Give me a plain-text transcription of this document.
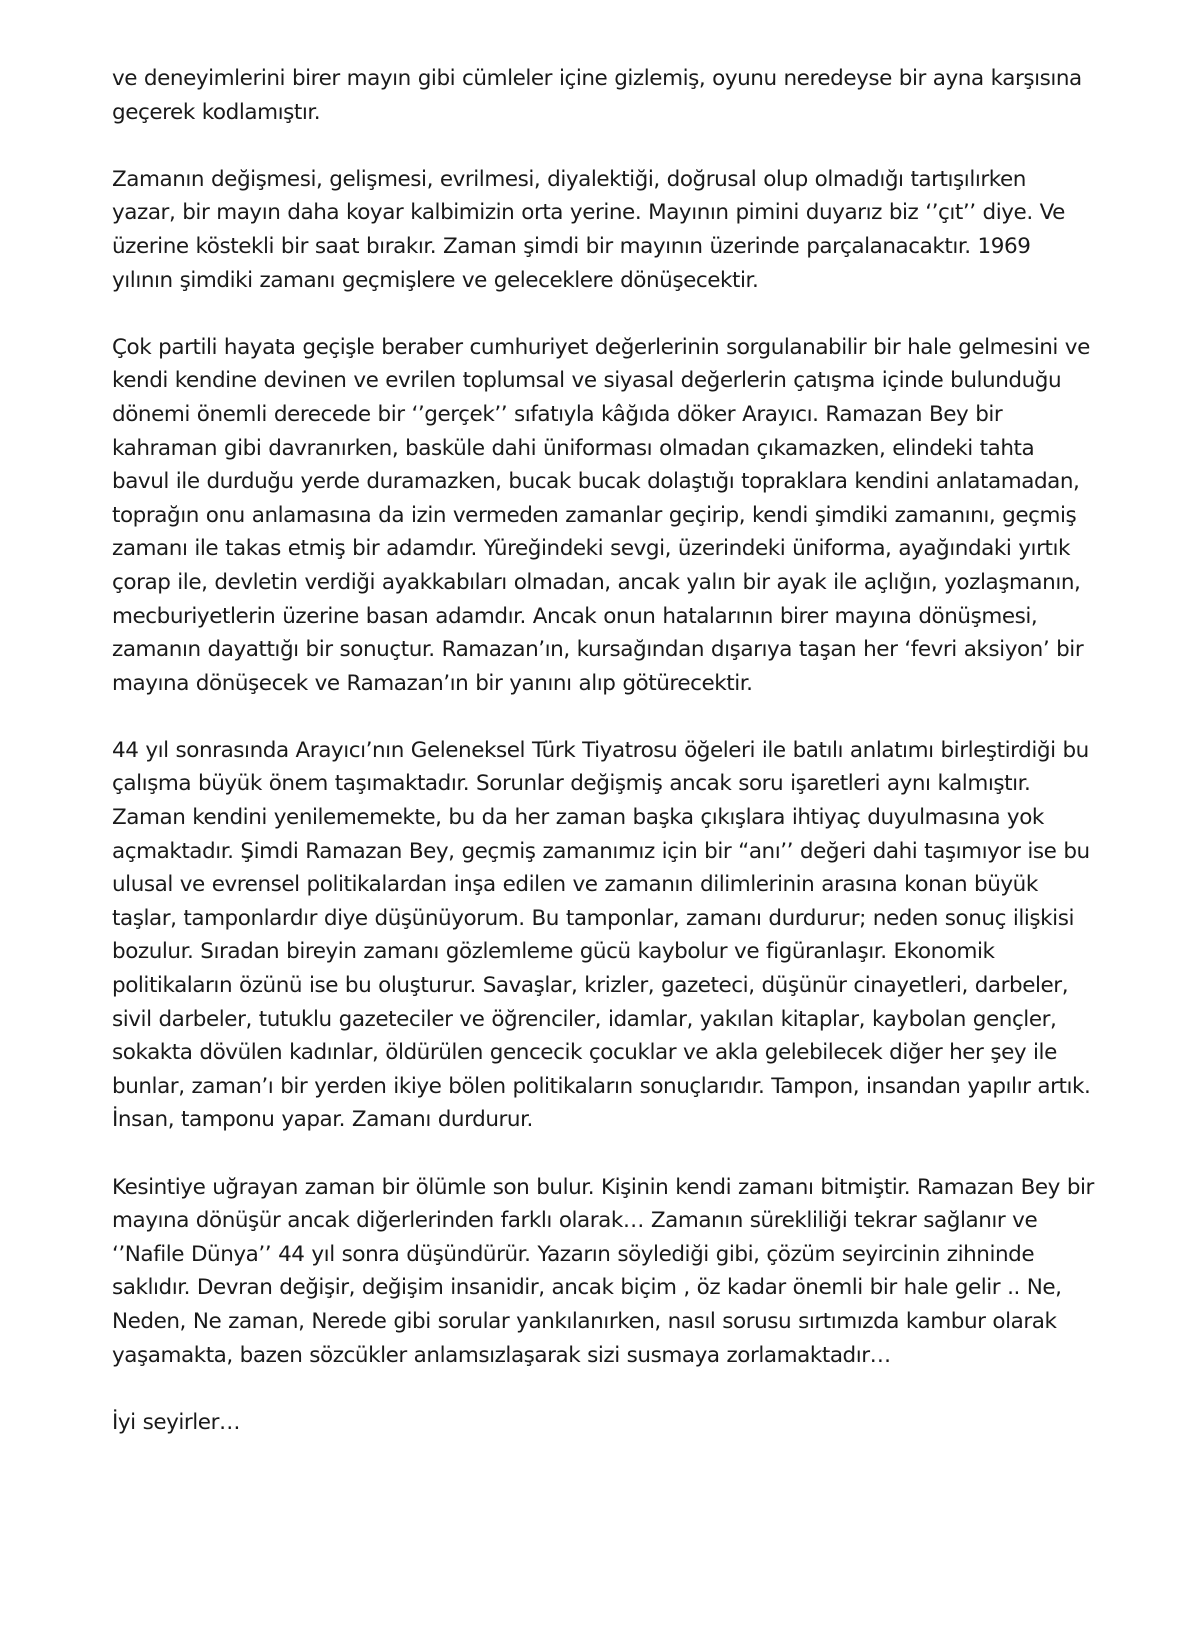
ve deneyimlerini birer mayın gibi cümleler içine gizlemiş, oyunu neredeyse bir ayna karşısına geçerek kodlamıştır.

Zamanın değişmesi, gelişmesi, evrilmesi, diyalektiği, doğrusal olup olmadığı tartışılırken yazar, bir mayın daha koyar kalbimizin orta yerine. Mayının pimini duyarız biz ‘’çıt’’ diye. Ve üzerine köstekli bir saat bırakır. Zaman şimdi bir mayının üzerinde parçalanacaktır. 1969 yılının şimdiki zamanı geçmişlere ve geleceklere dönüşecektir.

Çok partili hayata geçişle beraber cumhuriyet değerlerinin sorgulanabilir bir hale gelmesini ve kendi kendine devinen ve evrilen toplumsal ve siyasal değerlerin çatışma içinde bulunduğu dönemi önemli derecede bir ‘’gerçek’’ sıfatıyla kâğıda döker Arayıcı. Ramazan Bey bir kahraman gibi davranırken, basküle dahi üniforması olmadan çıkamazken, elindeki tahta bavul ile durduğu yerde duramazken, bucak bucak dolaştığı topraklara kendini anlatamadan, toprağın onu anlamasına da izin vermeden zamanlar geçirip, kendi şimdiki zamanını, geçmiş zamanı ile takas etmiş bir adamdır. Yüreğindeki sevgi, üzerindeki üniforma, ayağındaki yırtık çorap ile, devletin verdiği ayakkabıları olmadan, ancak yalın bir ayak ile açlığın, yozlaşmanın, mecburiyetlerin üzerine basan adamdır. Ancak onun hatalarının birer mayına dönüşmesi, zamanın dayattığı bir sonuçtur. Ramazan’ın, kursağından dışarıya taşan her ‘fevri aksiyon’ bir mayına dönüşecek ve Ramazan’ın bir yanını alıp götürecektir.

44 yıl sonrasında Arayıcı’nın Geleneksel Türk Tiyatrosu öğeleri ile batılı anlatımı birleştirdiği bu çalışma büyük önem taşımaktadır. Sorunlar değişmiş ancak soru işaretleri aynı kalmıştır. Zaman kendini yenilememekte, bu da her zaman başka çıkışlara ihtiyaç duyulmasına yok açmaktadır. Şimdi Ramazan Bey, geçmiş zamanımız için bir “anı’’ değeri dahi taşımıyor ise bu ulusal ve evrensel politikalardan inşa edilen ve zamanın dilimlerinin arasına konan büyük taşlar, tamponlardır diye düşünüyorum. Bu tamponlar, zamanı durdurur; neden sonuç ilişkisi bozulur. Sıradan bireyin zamanı gözlemleme gücü kaybolur ve figüranlaşır. Ekonomik politikaların özünü ise bu oluşturur. Savaşlar, krizler, gazeteci, düşünür cinayetleri, darbeler, sivil darbeler, tutuklu gazeteciler ve öğrenciler, idamlar, yakılan kitaplar, kaybolan gençler, sokakta dövülen kadınlar, öldürülen gencecik çocuklar ve akla gelebilecek diğer her şey ile bunlar, zaman’ı bir yerden ikiye bölen politikaların sonuçlarıdır. Tampon, insandan yapılır artık. İnsan, tamponu yapar. Zamanı durdurur.

Kesintiye uğrayan zaman bir ölümle son bulur. Kişinin kendi zamanı bitmiştir. Ramazan Bey bir mayına dönüşür ancak diğerlerinden farklı olarak… Zamanın sürekliliği tekrar sağlanır ve ‘’Nafile Dünya’’ 44 yıl sonra düşündürür. Yazarın söylediği gibi, çözüm seyircinin zihninde saklıdır. Devran değişir, değişim insanidir, ancak biçim , öz kadar önemli bir hale gelir .. Ne, Neden, Ne zaman, Nerede gibi sorular yankılanırken, nasıl sorusu sırtımızda kambur olarak yaşamakta, bazen sözcükler anlamsızlaşarak sizi susmaya zorlamaktadır…

İyi seyirler…
